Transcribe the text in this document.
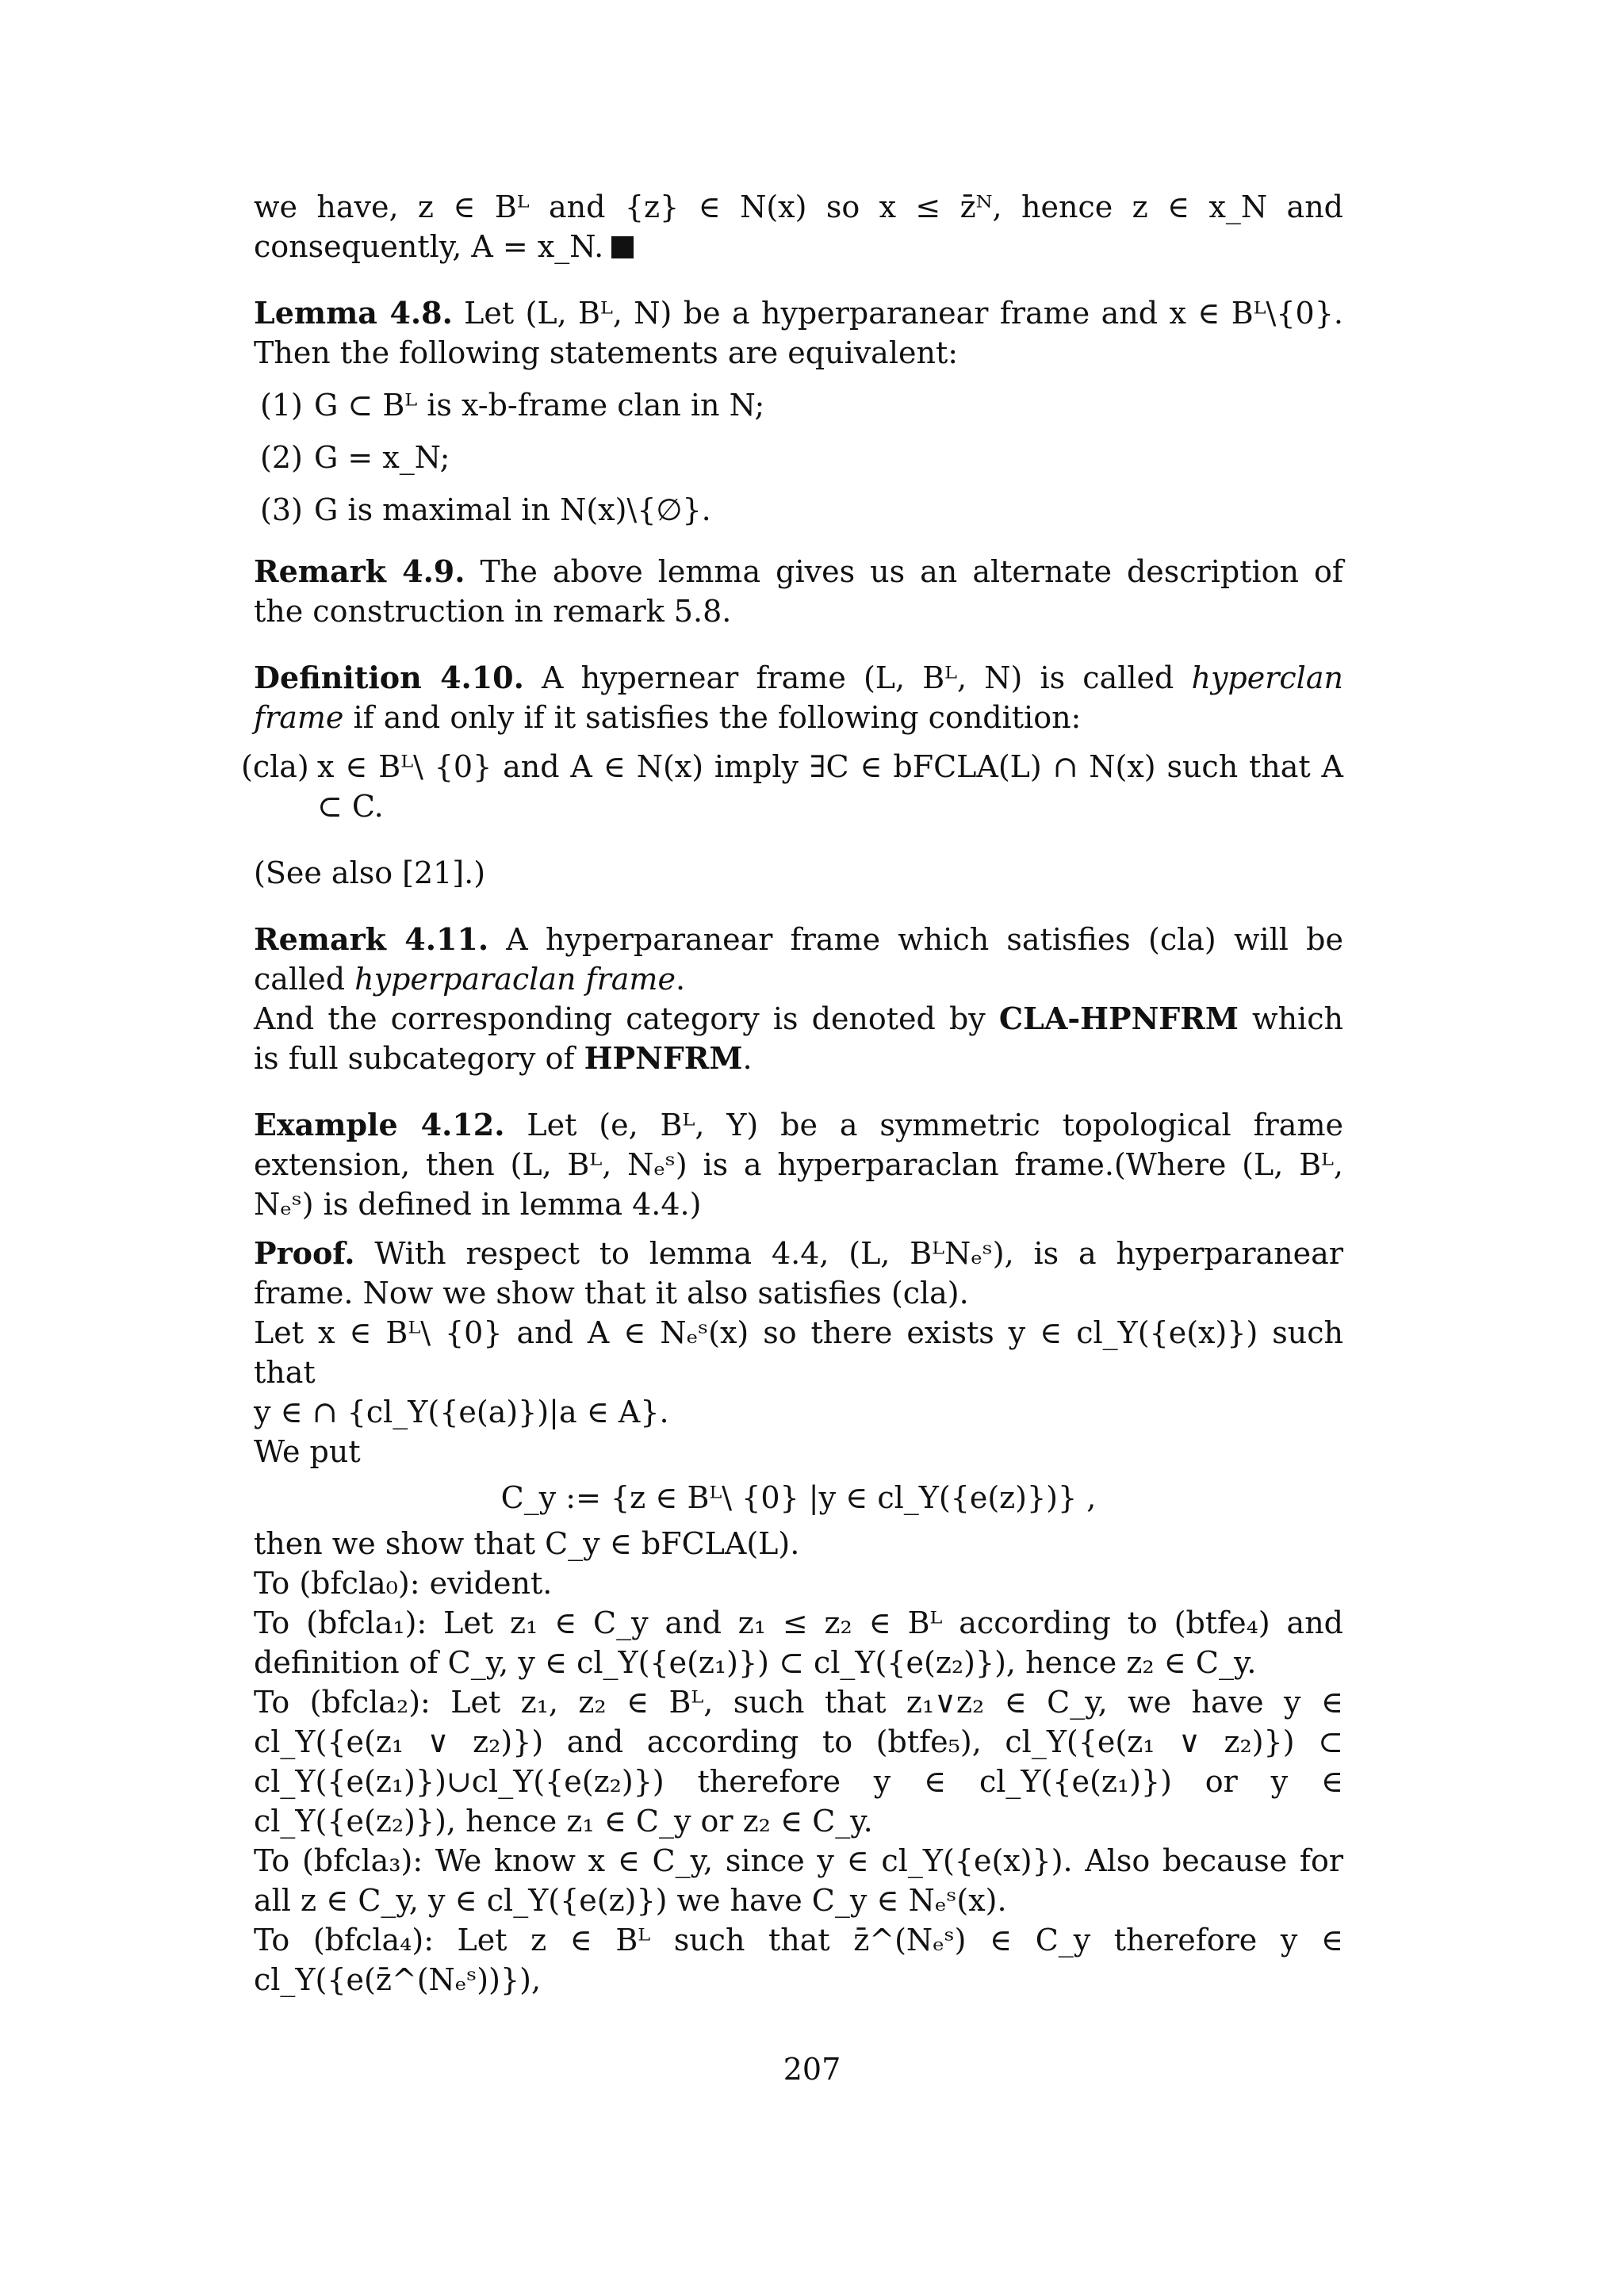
we have, z ∈ Bᴸ and {z} ∈ N(x) so x ≤ z̄ᴺ, hence z ∈ x_N and consequently, A = x_N.

Lemma 4.8. Let (L, Bᴸ, N) be a hyperparanear frame and x ∈ Bᴸ\{0}. Then the following statements are equivalent:

(1) G ⊂ Bᴸ is x-b-frame clan in N;
(2) G = x_N;
(3) G is maximal in N(x)\{∅}.

Remark 4.9. The above lemma gives us an alternate description of the construction in remark 5.8.

Definition 4.10. A hypernear frame (L, Bᴸ, N) is called hyperclan frame if and only if it satisfies the following condition:

(cla) x ∈ Bᴸ\ {0} and A ∈ N(x) imply ∃C ∈ bFCLA(L) ∩ N(x) such that A ⊂ C.

(See also [21].)

Remark 4.11. A hyperparanear frame which satisfies (cla) will be called hyperparaclan frame.

And the corresponding category is denoted by CLA-HPNFRM which is full subcategory of HPNFRM.

Example 4.12. Let (e, Bᴸ, Y) be a symmetric topological frame extension, then (L, Bᴸ, Nₑˢ) is a hyperparaclan frame.(Where (L, Bᴸ, Nₑˢ) is defined in lemma 4.4.)

Proof. With respect to lemma 4.4, (L, BᴸNₑˢ), is a hyperparanear frame. Now we show that it also satisfies (cla).

Let x ∈ Bᴸ\ {0} and A ∈ Nₑˢ(x) so there exists y ∈ cl_Y({e(x)}) such that

y ∈ ∩ {cl_Y({e(a)})|a ∈ A}.

We put

C_y := {z ∈ Bᴸ\ {0} |y ∈ cl_Y({e(z)})} ,

then we show that C_y ∈ bFCLA(L).

To (bfcla₀): evident.

To (bfcla₁): Let z₁ ∈ C_y and z₁ ≤ z₂ ∈ Bᴸ according to (btfe₄) and definition of C_y, y ∈ cl_Y({e(z₁)}) ⊂ cl_Y({e(z₂)}), hence z₂ ∈ C_y.

To (bfcla₂): Let z₁, z₂ ∈ Bᴸ, such that z₁∨z₂ ∈ C_y, we have y ∈ cl_Y({e(z₁ ∨ z₂)}) and according to (btfe₅), cl_Y({e(z₁ ∨ z₂)}) ⊂ cl_Y({e(z₁)})∪cl_Y({e(z₂)}) therefore y ∈ cl_Y({e(z₁)}) or y ∈ cl_Y({e(z₂)}), hence z₁ ∈ C_y or z₂ ∈ C_y.

To (bfcla₃): We know x ∈ C_y, since y ∈ cl_Y({e(x)}). Also because for all z ∈ C_y, y ∈ cl_Y({e(z)}) we have C_y ∈ Nₑˢ(x).

To (bfcla₄): Let z ∈ Bᴸ such that z̄^(Nₑˢ) ∈ C_y therefore y ∈ cl_Y({e(z̄^(Nₑˢ))}),

207
